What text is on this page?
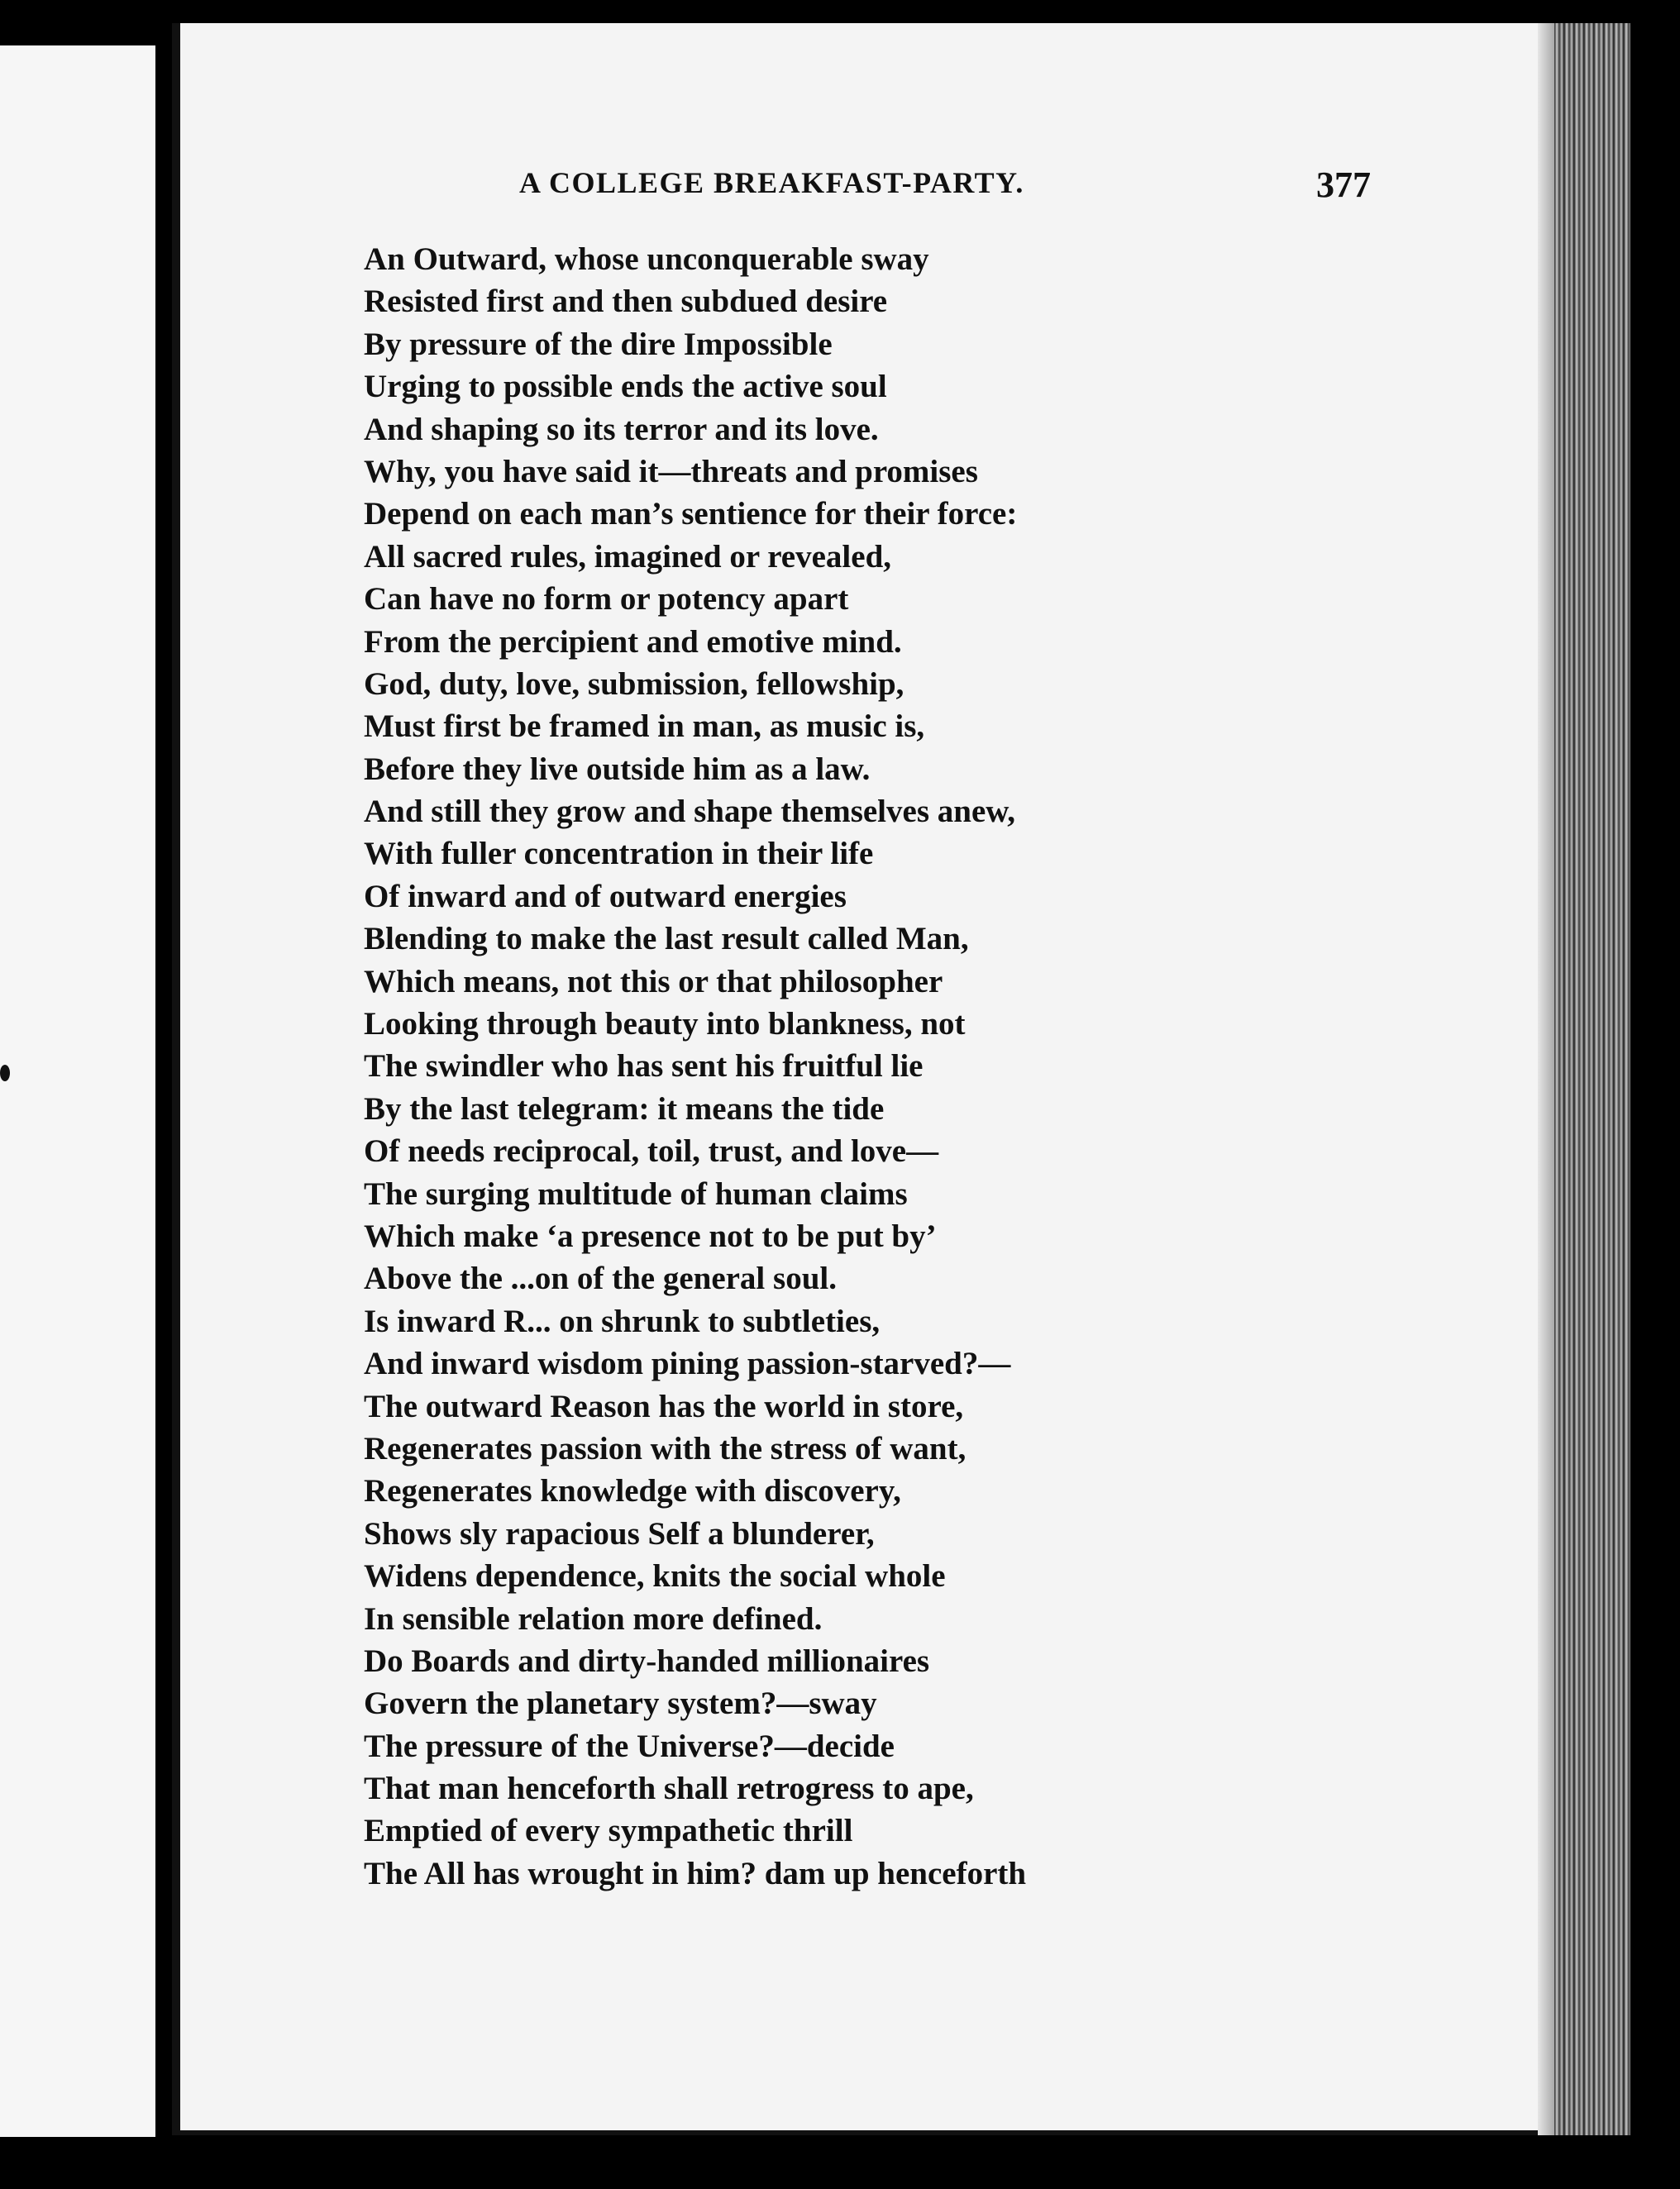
A COLLEGE BREAKFAST-PARTY.	377
An Outward, whose unconquerable sway
Resisted first and then subdued desire
By pressure of the dire Impossible
Urging to possible ends the active soul
And shaping so its terror and its love.
Why, you have said it—threats and promises
Depend on each man’s sentience for their force:
All sacred rules, imagined or revealed,
Can have no form or potency apart
From the percipient and emotive mind.
God, duty, love, submission, fellowship,
Must first be framed in man, as music is,
Before they live outside him as a law.
And still they grow and shape themselves anew,
With fuller concentration in their life
Of inward and of outward energies
Blending to make the last result called Man,
Which means, not this or that philosopher
Looking through beauty into blankness, not
The swindler who has sent his fruitful lie
By the last telegram: it means the tide
Of needs reciprocal, toil, trust, and love—
The surging multitude of human claims
Which make ‘a presence not to be put by’
Above the ...on of the general soul.
Is inward R... on shrunk to subtleties,
And inward wisdom pining passion-starved?—
The outward Reason has the world in store,
Regenerates passion with the stress of want,
Regenerates knowledge with discovery,
Shows sly rapacious Self a blunderer,
Widens dependence, knits the social whole
In sensible relation more defined.
Do Boards and dirty-handed millionaires
Govern the planetary system?—sway
The pressure of the Universe?—decide
That man henceforth shall retrogress to ape,
Emptied of every sympathetic thrill
The All has wrought in him? dam up henceforth
